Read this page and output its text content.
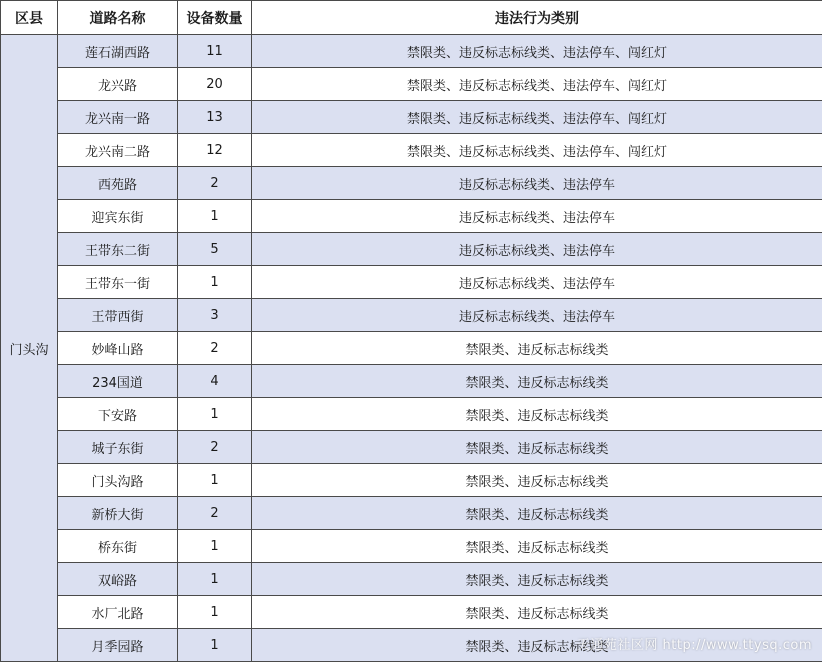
区县	道路名称	设备数量	违法行为类别
门头沟	莲石湖西路	11	禁限类、违反标志标线类、违法停车、闯红灯
	龙兴路	20	禁限类、违反标志标线类、违法停车、闯红灯
	龙兴南一路	13	禁限类、违反标志标线类、违法停车、闯红灯
	龙兴南二路	12	禁限类、违反标志标线类、违法停车、闯红灯
	西苑路	2	违反标志标线类、违法停车
	迎宾东街	1	违反标志标线类、违法停车
	王带东二街	5	违反标志标线类、违法停车
	王带东一街	1	违反标志标线类、违法停车
	王带西街	3	违反标志标线类、违法停车
	妙峰山路	2	禁限类、违反标志标线类
	234国道	4	禁限类、违反标志标线类
	下安路	1	禁限类、违反标志标线类
	城子东街	2	禁限类、违反标志标线类
	门头沟路	1	禁限类、违反标志标线类
	新桥大街	2	禁限类、违反标志标线类
	桥东街	1	禁限类、违反标志标线类
	双峪路	1	禁限类、违反标志标线类
	水厂北路	1	禁限类、违反标志标线类
	月季园路	1	禁限类、违反标志标线类
天通苑社区网 http://www.ttysq.com
